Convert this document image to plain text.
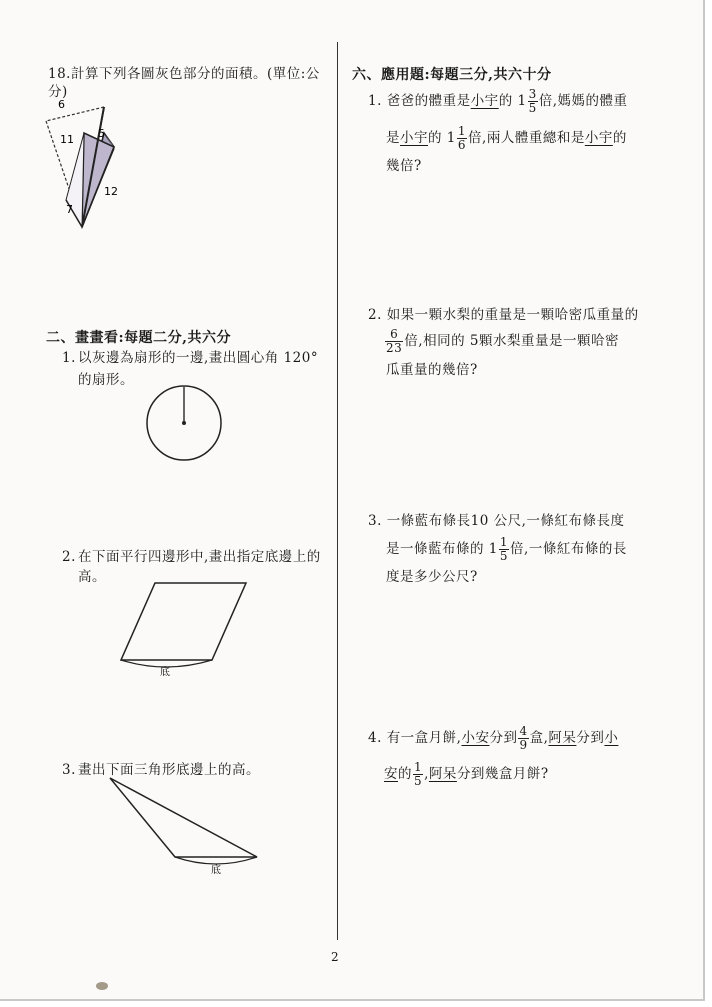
18.計算下列各圖灰色部分的面積。(單位:公
分)
6
11 5
12
7
二、畫畫看:每題二分,共六分
1. 以灰邊為扇形的一邊,畫出圓心角 120°
的扇形。
2. 在下面平行四邊形中,畫出指定底邊上的
高。
底
3. 畫出下面三角形底邊上的高。
底
六、應用題:每題三分,共六十分
1. 爸爸的體重是小宇的 $1 \frac{3}{5}$ 倍,媽媽的體重
是小宇的 $1 \frac{1}{6}$ 倍,兩人體重總和是小宇的
幾倍?
2. 如果一顆水梨的重量是一顆哈密瓜重量的
$\frac{6}{23}$ 倍,相同的 5顆水梨重量是一顆哈密
瓜重量的幾倍?
3. 一條藍布條長10 公尺,一條紅布條長度
是一條藍布條的 $1 \frac{1}{5}$ 倍,一條紅布條的長
度是多少公尺?
4. 有一盒月餅,小安分到 $\frac{4}{9}$ 盒,阿呆分到小
安的 $\frac{1}{5}$ ,阿呆分到幾盒月餅?
2
